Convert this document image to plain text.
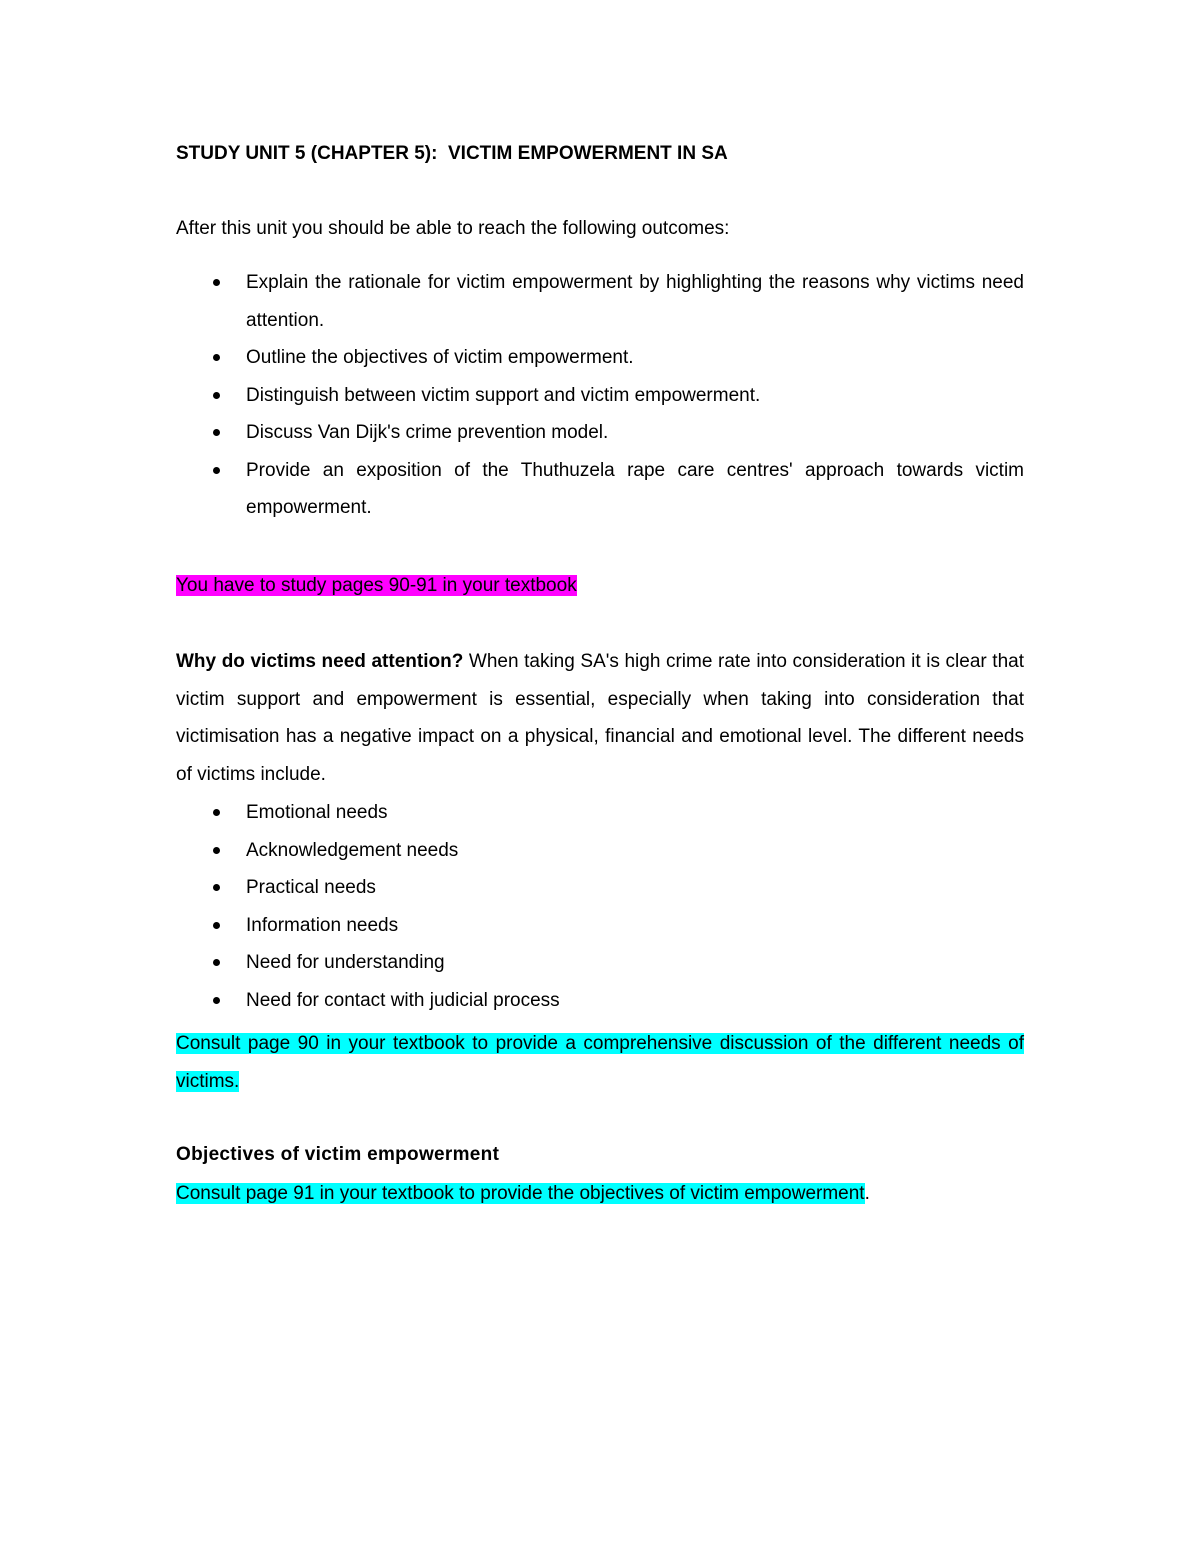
STUDY UNIT 5 (CHAPTER 5):  VICTIM EMPOWERMENT IN SA
After this unit you should be able to reach the following outcomes:
Explain the rationale for victim empowerment by highlighting the reasons why victims need attention.
Outline the objectives of victim empowerment.
Distinguish between victim support and victim empowerment.
Discuss Van Dijk's crime prevention model.
Provide an exposition of the Thuthuzela rape care centres' approach towards victim empowerment.
You have to study pages 90-91 in your textbook
Why do victims need attention? When taking SA's high crime rate into consideration it is clear that victim support and empowerment is essential, especially when taking into consideration that victimisation has a negative impact on a physical, financial and emotional level. The different needs of victims include.
Emotional needs
Acknowledgement needs
Practical needs
Information needs
Need for understanding
Need for contact with judicial process
Consult page 90 in your textbook to provide a comprehensive discussion of the different needs of victims.
Objectives of victim empowerment
Consult page 91 in your textbook to provide the objectives of victim empowerment.
